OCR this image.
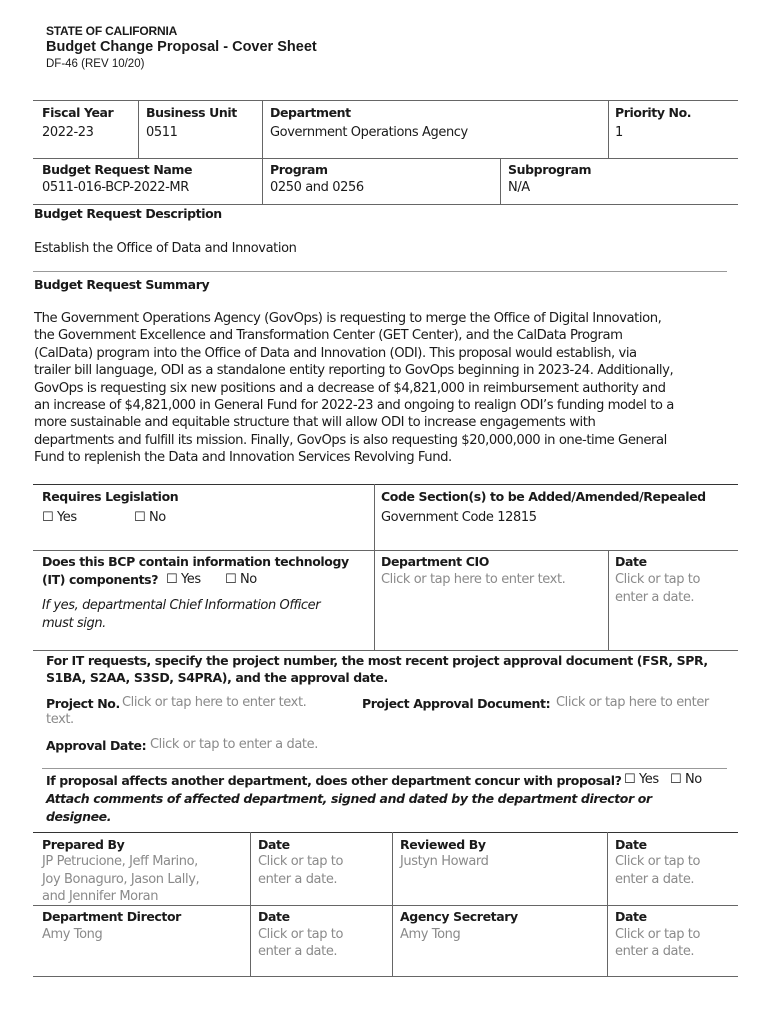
STATE OF CALIFORNIA
Budget Change Proposal - Cover Sheet
DF-46 (REV 10/20)
Fiscal Year
2022-23
Business Unit
0511
Department
Government Operations Agency
Priority No.
1
Budget Request Name
0511-016-BCP-2022-MR
Program
0250 and 0256
Subprogram
N/A
Budget Request Description
Establish the Office of Data and Innovation
Budget Request Summary
The Government Operations Agency (GovOps) is requesting to merge the Office of Digital Innovation,
the Government Excellence and Transformation Center (GET Center), and the CalData Program
(CalData) program into the Office of Data and Innovation (ODI). This proposal would establish, via
trailer bill language, ODI as a standalone entity reporting to GovOps beginning in 2023-24. Additionally,
GovOps is requesting six new positions and a decrease of $4,821,000 in reimbursement authority and
an increase of $4,821,000 in General Fund for 2022-23 and ongoing to realign ODI’s funding model to a
more sustainable and equitable structure that will allow ODI to increase engagements with
departments and fulfill its mission. Finally, GovOps is also requesting $20,000,000 in one-time General
Fund to replenish the Data and Innovation Services Revolving Fund.
Requires Legislation
☐ Yes	☐ No
Code Section(s) to be Added/Amended/Repealed
Government Code 12815
Does this BCP contain information technology
(IT) components? ☐ Yes ☐ No
If yes, departmental Chief Information Officer
must sign.
Department CIO
Click or tap here to enter text.
Date
Click or tap to
enter a date.
For IT requests, specify the project number, the most recent project approval document (FSR, SPR,
S1BA, S2AA, S3SD, S4PRA), and the approval date.
Project No. Click or tap here to enter text.
text.
Project Approval Document: Click or tap here to enter
Approval Date: Click or tap to enter a date.
If proposal affects another department, does other department concur with proposal? ☐ Yes ☐ No
Attach comments of affected department, signed and dated by the department director or
designee.
Prepared By
JP Petrucione, Jeff Marino,
Joy Bonaguro, Jason Lally,
and Jennifer Moran
Date
Click or tap to
enter a date.
Reviewed By
Justyn Howard
Date
Click or tap to
enter a date.
Department Director
Amy Tong
Date
Click or tap to
enter a date.
Agency Secretary
Amy Tong
Date
Click or tap to
enter a date.
